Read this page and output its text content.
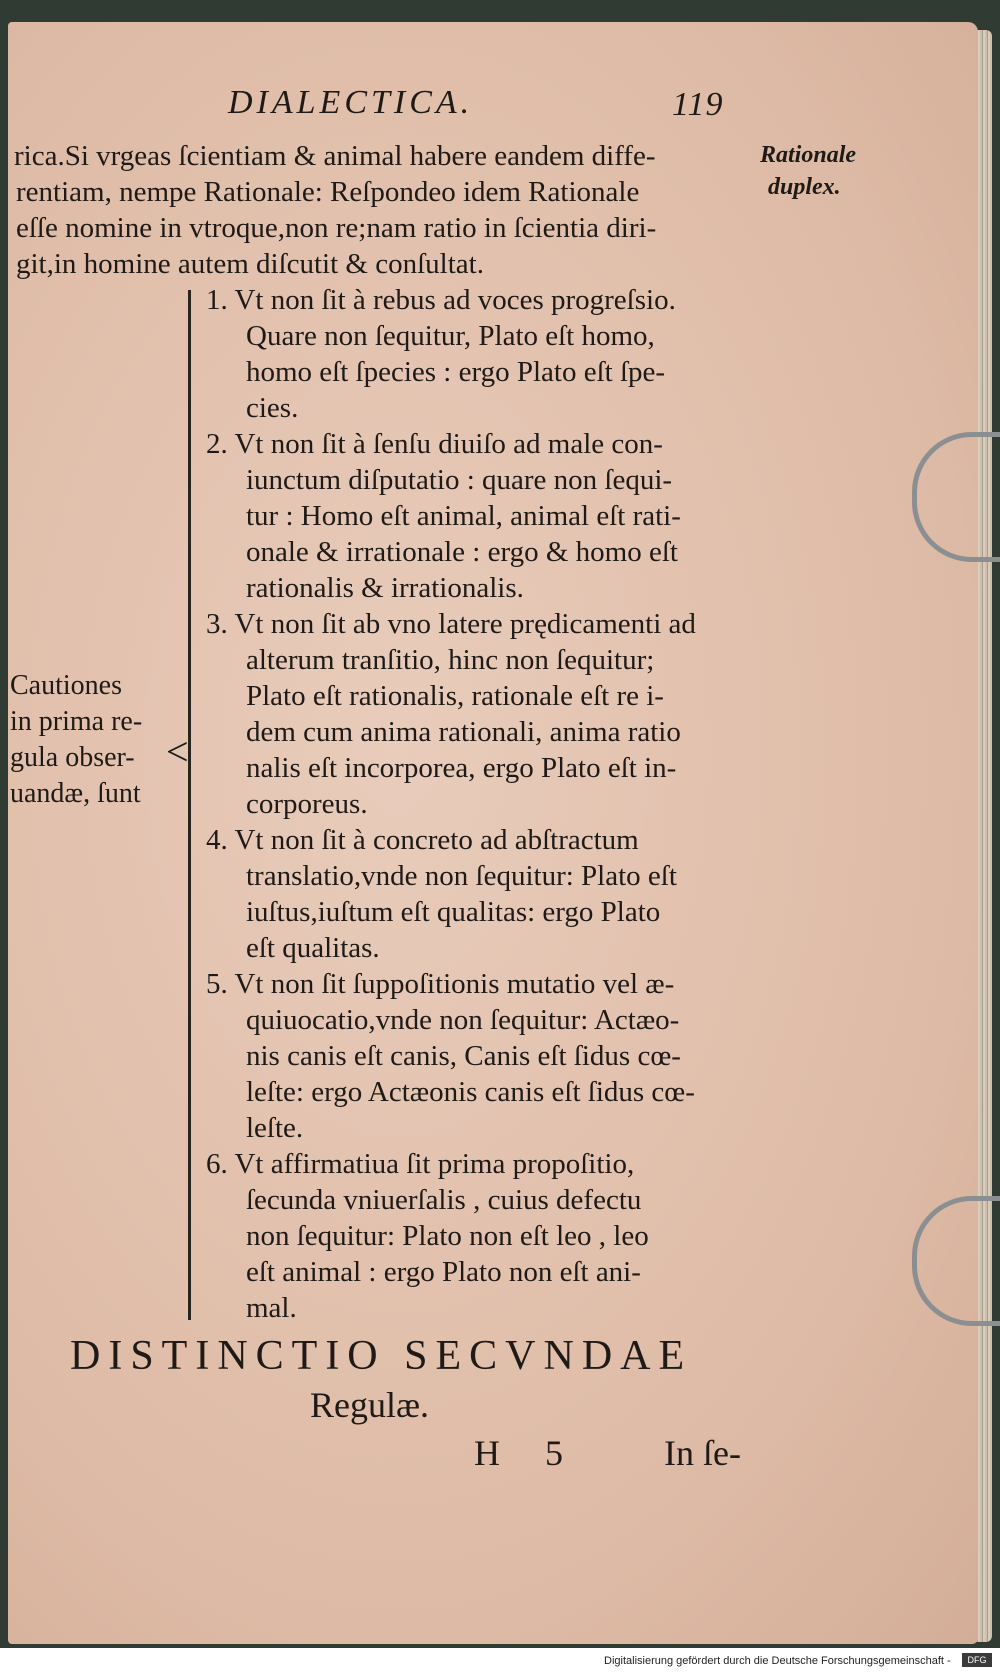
DIALECTICA.	119
Rationale
duplex.
rica.Si vrgeas ſcientiam & animal habere eandem diffe-
rentiam, nempe Rationale: Reſpondeo idem Rationale
eſſe nomine in vtroque,non re;nam ratio in ſcientia diri-
git,in homine autem diſcutit & conſultat.
<
Cautiones
in prima re-
gula obser-
uandæ, ſunt
1. Vt non ſit à rebus ad voces progreſsio.
Quare non ſequitur, Plato eſt homo,
homo eſt ſpecies : ergo Plato eſt ſpe-
cies.
2. Vt non ſit à ſenſu diuiſo ad male con-
iunctum diſputatio : quare non ſequi-
tur : Homo eſt animal, animal eſt rati-
onale & irrationale : ergo & homo eſt
rationalis & irrationalis.
3. Vt non ſit ab vno latere prędicamenti ad
alterum tranſitio, hinc non ſequitur;
Plato eſt rationalis, rationale eſt re i-
dem cum anima rationali, anima ratio
nalis eſt incorporea, ergo Plato eſt in-
corporeus.
4. Vt non ſit à concreto ad abſtractum
translatio,vnde non ſequitur: Plato eſt
iuſtus,iuſtum eſt qualitas: ergo Plato
eſt qualitas.
5. Vt non ſit ſuppoſitionis mutatio vel æ-
quiuocatio,vnde non ſequitur: Actæo-
nis canis eſt canis, Canis eſt ſidus cœ-
leſte: ergo Actæonis canis eſt ſidus cœ-
leſte.
6. Vt affirmatiua ſit prima propoſitio,
ſecunda vniuerſalis , cuius defectu
non ſequitur: Plato non eſt leo , leo
eſt animal : ergo Plato non eſt ani-
mal.
DISTINCTIO SECVNDAE
Regulæ.
H 5 In ſe-
Digitalisierung gefördert durch die Deutsche Forschungsgemeinschaft -	DFG
